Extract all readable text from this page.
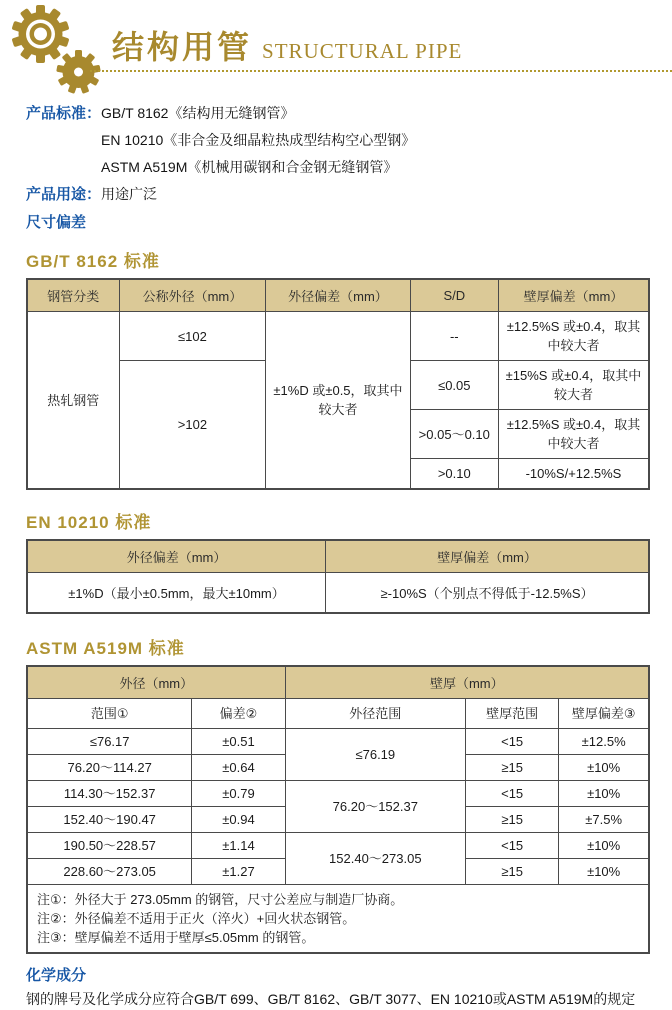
结构用管 STRUCTURAL PIPE
产品标准： GB/T 8162《结构用无缝钢管》
EN 10210《非合金及细晶粒热成型结构空心型钢》
ASTM A519M《机械用碳钢和合金钢无缝钢管》
产品用途： 用途广泛
尺寸偏差
GB/T 8162 标准
钢管分类	公称外径（mm）	外径偏差（mm）	S/D	壁厚偏差（mm）
热轧钢管	≤102	±1%D 或±0.5，取其中较大者	--	±12.5%S 或±0.4，取其中较大者
	>102		≤0.05	±15%S 或±0.4，取其中较大者
			>0.05～0.10	±12.5%S 或±0.4，取其中较大者
			>0.10	-10%S/+12.5%S
EN 10210 标准
外径偏差（mm）	壁厚偏差（mm）
±1%D（最小±0.5mm，最大±10mm）	≥-10%S（个别点不得低于-12.5%S）
ASTM A519M 标准
外径（mm）		壁厚（mm）		
范围①	偏差②	外径范围	壁厚范围	壁厚偏差③
≤76.17	±0.51	≤76.19	<15	±12.5%
76.20～114.27	±0.64		≥15	±10%
114.30～152.37	±0.79	76.20～152.37	<15	±10%
152.40～190.47	±0.94		≥15	±7.5%
190.50～228.57	±1.14	152.40～273.05	<15	±10%
228.60～273.05	±1.27		≥15	±10%

注①：外径大于 273.05mm 的钢管，尺寸公差应与制造厂协商。
注②：外径偏差不适用于正火（淬火）+回火状态钢管。
注③：壁厚偏差不适用于壁厚≤5.05mm 的钢管。				
化学成分
钢的牌号及化学成分应符合GB/T 699、GB/T 8162、GB/T 3077、EN 10210或ASTM A519M的规定
